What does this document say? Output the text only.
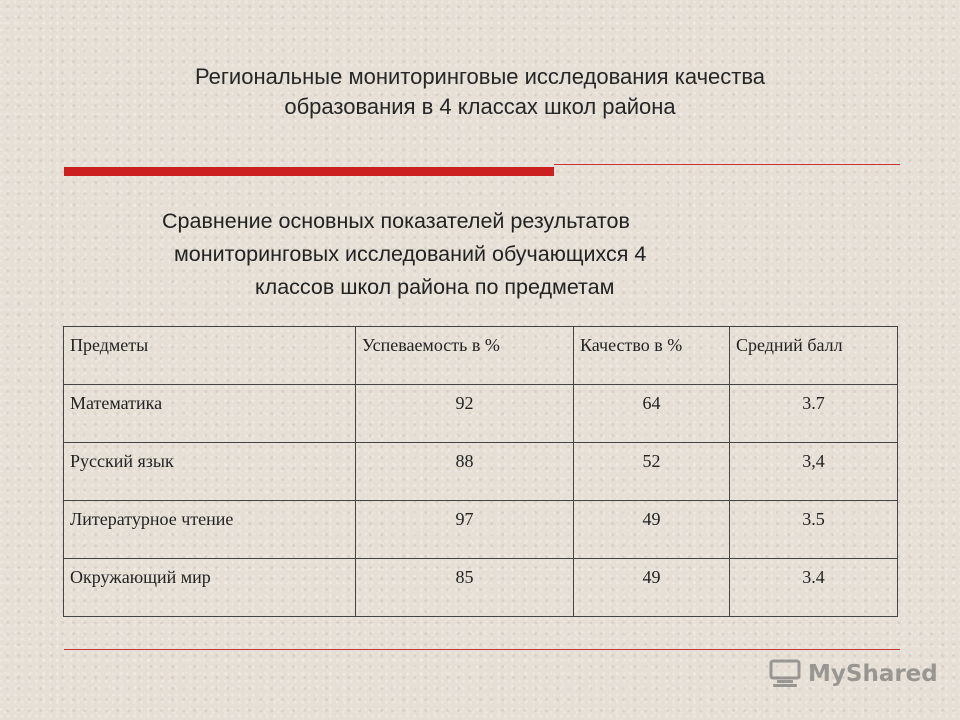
Региональные мониторинговые исследования качества
образования в 4 классах школ района
Сравнение основных показателей результатов
мониторинговых исследований обучающихся 4
классов школ района по предметам
Предметы	Успеваемость в %	Качество в %	Средний балл
Математика	92	64	3.7
Русский язык	88	52	3,4
Литературное чтение	97	49	3.5
Окружающий мир	85	49	3.4
MyShared
